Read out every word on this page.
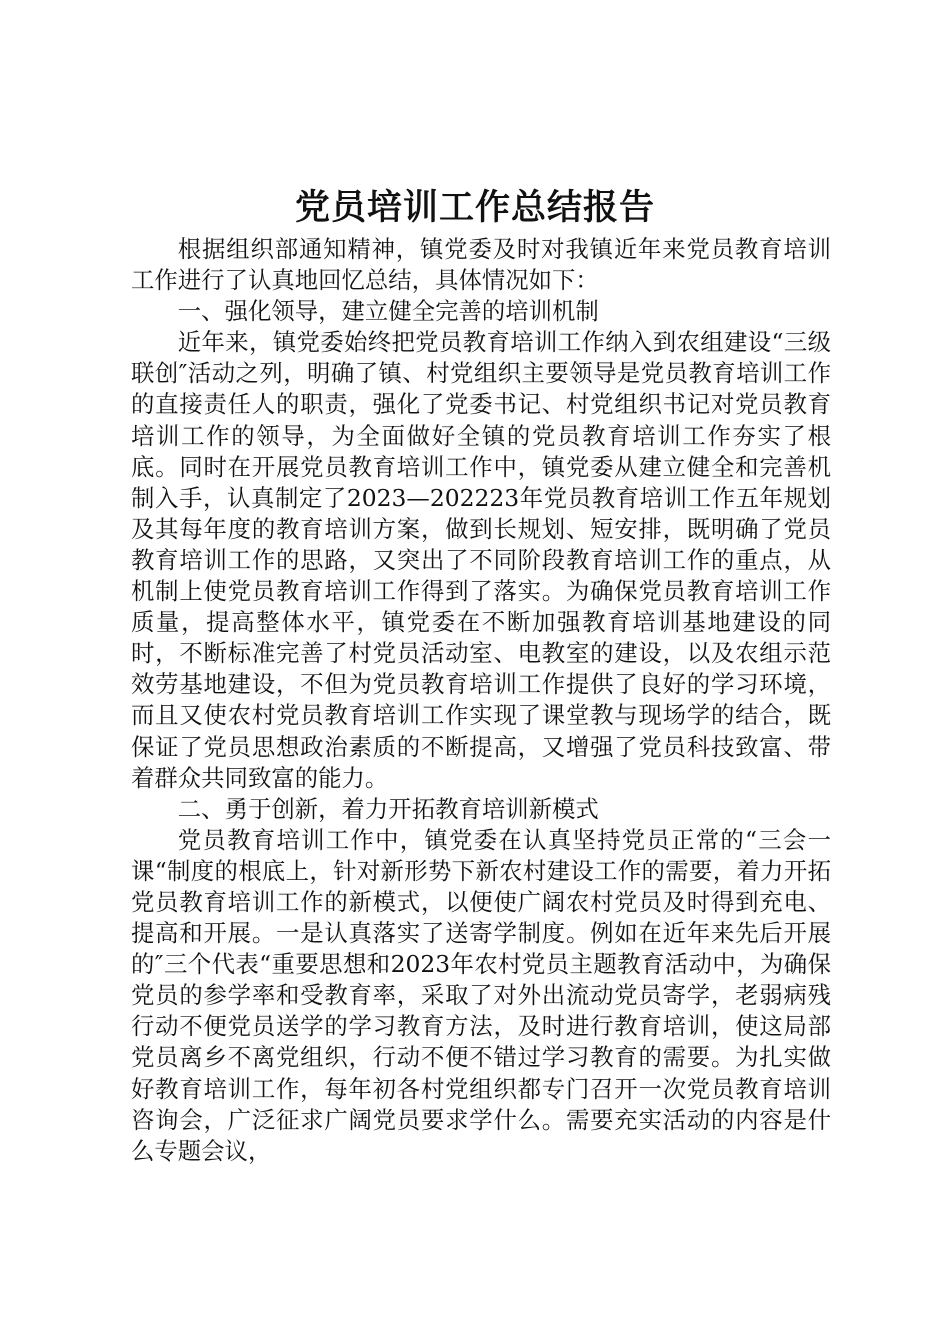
党员培训工作总结报告

根据组织部通知精神，镇党委及时对我镇近年来党员教育培训工作进行了认真地回忆总结，具体情况如下：

一、强化领导，建立健全完善的培训机制

近年来，镇党委始终把党员教育培训工作纳入到农组建设“三级联创″活动之列，明确了镇、村党组织主要领导是党员教育培训工作的直接责任人的职责，强化了党委书记、村党组织书记对党员教育培训工作的领导，为全面做好全镇的党员教育培训工作夯实了根底。同时在开展党员教育培训工作中，镇党委从建立健全和完善机制入手，认真制定了2023—202223年党员教育培训工作五年规划及其每年度的教育培训方案，做到长规划、短安排，既明确了党员教育培训工作的思路，又突出了不同阶段教育培训工作的重点，从机制上使党员教育培训工作得到了落实。为确保党员教育培训工作质量，提高整体水平，镇党委在不断加强教育培训基地建设的同时，不断标准完善了村党员活动室、电教室的建设，以及农组示范效劳基地建设，不但为党员教育培训工作提供了良好的学习环境，而且又使农村党员教育培训工作实现了课堂教与现场学的结合，既保证了党员思想政治素质的不断提高，又增强了党员科技致富、带着群众共同致富的能力。

二、勇于创新，着力开拓教育培训新模式

党员教育培训工作中，镇党委在认真坚持党员正常的“三会一课“制度的根底上，针对新形势下新农村建设工作的需要，着力开拓党员教育培训工作的新模式，以便使广阔农村党员及时得到充电、提高和开展。一是认真落实了送寄学制度。例如在近年来先后开展的″三个代表“重要思想和2023年农村党员主题教育活动中，为确保党员的参学率和受教育率，采取了对外出流动党员寄学，老弱病残行动不便党员送学的学习教育方法，及时进行教育培训，使这局部党员离乡不离党组织，行动不便不错过学习教育的需要。为扎实做好教育培训工作，每年初各村党组织都专门召开一次党员教育培训咨询会，广泛征求广阔党员要求学什么。需要充实活动的内容是什么专题会议，
